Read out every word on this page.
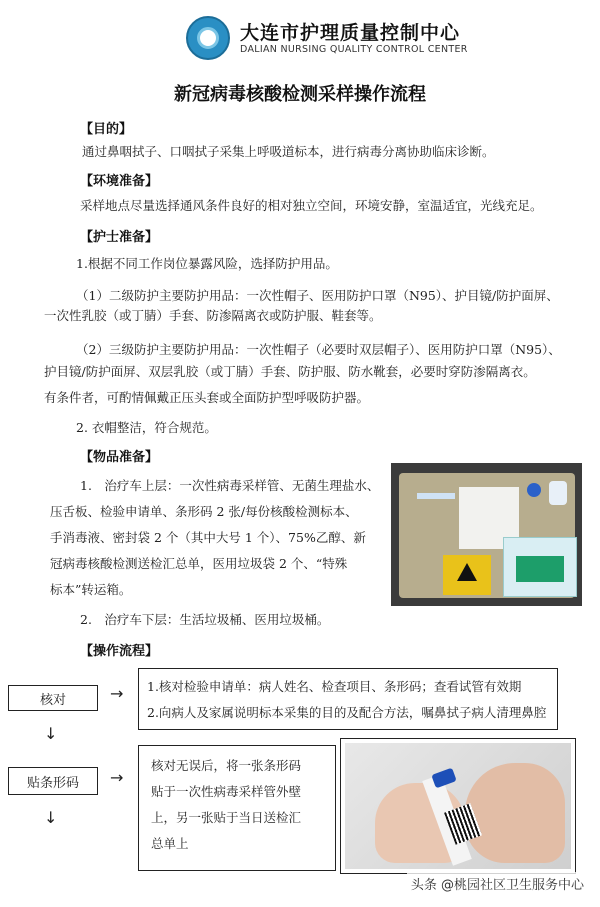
大连市护理质量控制中心
DALIAN NURSING QUALITY CONTROL CENTER
新冠病毒核酸检测采样操作流程
【目的】
通过鼻咽拭子、口咽拭子采集上呼吸道标本，进行病毒分离协助临床诊断。
【环境准备】
采样地点尽量选择通风条件良好的相对独立空间，环境安静，室温适宜，光线充足。
【护士准备】
1.根据不同工作岗位暴露风险，选择防护用品。
（1）二级防护主要防护用品：一次性帽子、医用防护口罩（N95）、护目镜/防护面屏、
一次性乳胶（或丁腈）手套、防渗隔离衣或防护服、鞋套等。
（2）三级防护主要防护用品：一次性帽子（必要时双层帽子）、医用防护口罩（N95）、
护目镜/防护面屏、双层乳胶（或丁腈）手套、防护服、防水靴套，必要时穿防渗隔离衣。
有条件者，可酌情佩戴正压头套或全面防护型呼吸防护器。
2. 衣帽整洁，符合规范。
【物品准备】
1.　治疗车上层：一次性病毒采样管、无菌生理盐水、
压舌板、检验申请单、条形码 2 张/每份核酸检测标本、
手消毒液、密封袋 2 个（其中大号 1 个）、75%乙醇、新
冠病毒核酸检测送检汇总单，医用垃圾袋 2 个、“特殊
标本”转运箱。
2.　治疗车下层：生活垃圾桶、医用垃圾桶。
【操作流程】
核对	→ 1.核对检验申请单：病人姓名、检查项目、条形码；查看试管有效期
2.向病人及家属说明标本采集的目的及配合方法，嘱鼻拭子病人清理鼻腔
↓
贴条形码	→
核对无误后，将一张条形码
贴于一次性病毒采样管外壁
上，另一张贴于当日送检汇
总单上
↓
头条 @桃园社区卫生服务中心
